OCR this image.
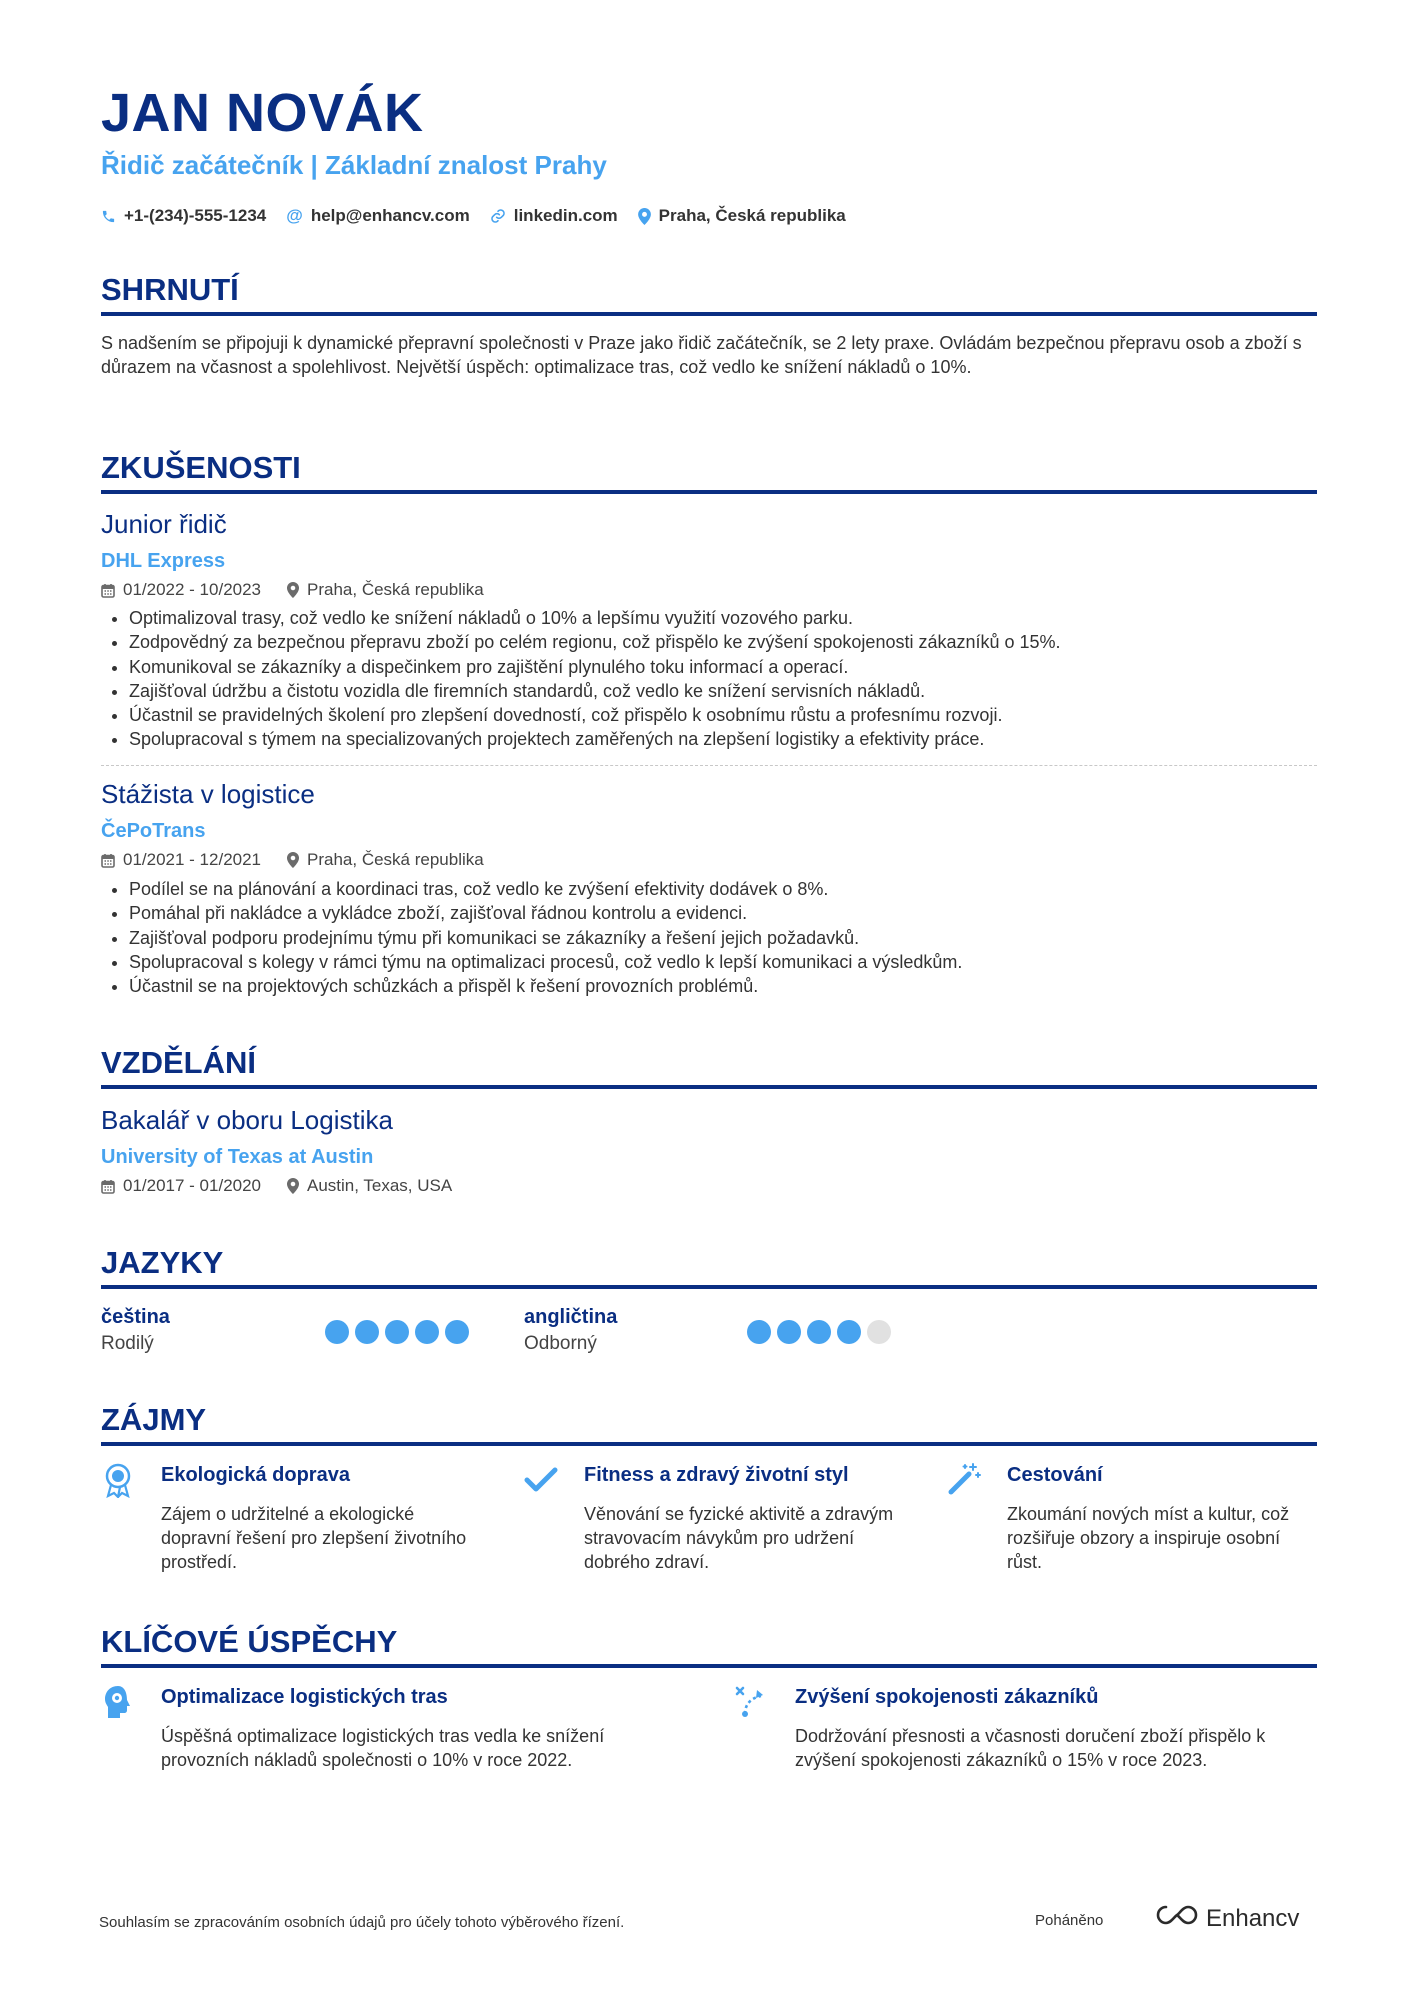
JAN NOVÁK
Řidič začátečník | Základní znalost Prahy
+1-(234)-555-1234 @ help@enhancv.com	linkedin.com Praha, Česká republika
SHRNUTÍ

S nadšením se připojuji k dynamické přepravní společnosti v Praze jako řidič začátečník, se 2 lety praxe. Ovládám bezpečnou přepravu osob a zboží s důrazem na včasnost a spolehlivost. Největší úspěch: optimalizace tras, což vedlo ke snížení nákladů o 10%.

ZKUŠENOSTI
Junior řidič
DHL Express
01/2022 - 10/2023	Praha, Česká republika
• Optimalizoval trasy, což vedlo ke snížení nákladů o 10% a lepšímu využití vozového parku.
• Zodpovědný za bezpečnou přepravu zboží po celém regionu, což přispělo ke zvýšení spokojenosti zákazníků o 15%.
• Komunikoval se zákazníky a dispečinkem pro zajištění plynulého toku informací a operací.
• Zajišťoval údržbu a čistotu vozidla dle firemních standardů, což vedlo ke snížení servisních nákladů.
• Účastnil se pravidelných školení pro zlepšení dovedností, což přispělo k osobnímu růstu a profesnímu rozvoji.
• Spolupracoval s týmem na specializovaných projektech zaměřených na zlepšení logistiky a efektivity práce.
Stážista v logistice
ČePoTrans
01/2021 - 12/2021	Praha, Česká republika
• Podílel se na plánování a koordinaci tras, což vedlo ke zvýšení efektivity dodávek o 8%.
• Pomáhal při nakládce a vykládce zboží, zajišťoval řádnou kontrolu a evidenci.
• Zajišťoval podporu prodejnímu týmu při komunikaci se zákazníky a řešení jejich požadavků.
• Spolupracoval s kolegy v rámci týmu na optimalizaci procesů, což vedlo k lepší komunikaci a výsledkům.
• Účastnil se na projektových schůzkách a přispěl k řešení provozních problémů.
VZDĚLÁNÍ
Bakalář v oboru Logistika
University of Texas at Austin
01/2017 - 01/2020	Austin, Texas, USA
JAZYKY
čeština
Rodilý
angličtina
Odborný
ZÁJMY
Ekologická doprava

Zájem o udržitelné a ekologické dopravní řešení pro zlepšení životního prostředí.

Fitness a zdravý životní styl

Věnování se fyzické aktivitě a zdravým stravovacím návykům pro udržení dobrého zdraví.

Cestování

Zkoumání nových míst a kultur, což rozšiřuje obzory a inspiruje osobní růst.

KLÍČOVÉ ÚSPĚCHY
Optimalizace logistických tras

Úspěšná optimalizace logistických tras vedla ke snížení provozních nákladů společnosti o 10% v roce 2022.

Zvýšení spokojenosti zákazníků

Dodržování přesnosti a včasnosti doručení zboží přispělo k zvýšení spokojenosti zákazníků o 15% v roce 2023.

Souhlasím se zpracováním osobních údajů pro účely tohoto výběrového řízení.	Poháněno	Enhancv
